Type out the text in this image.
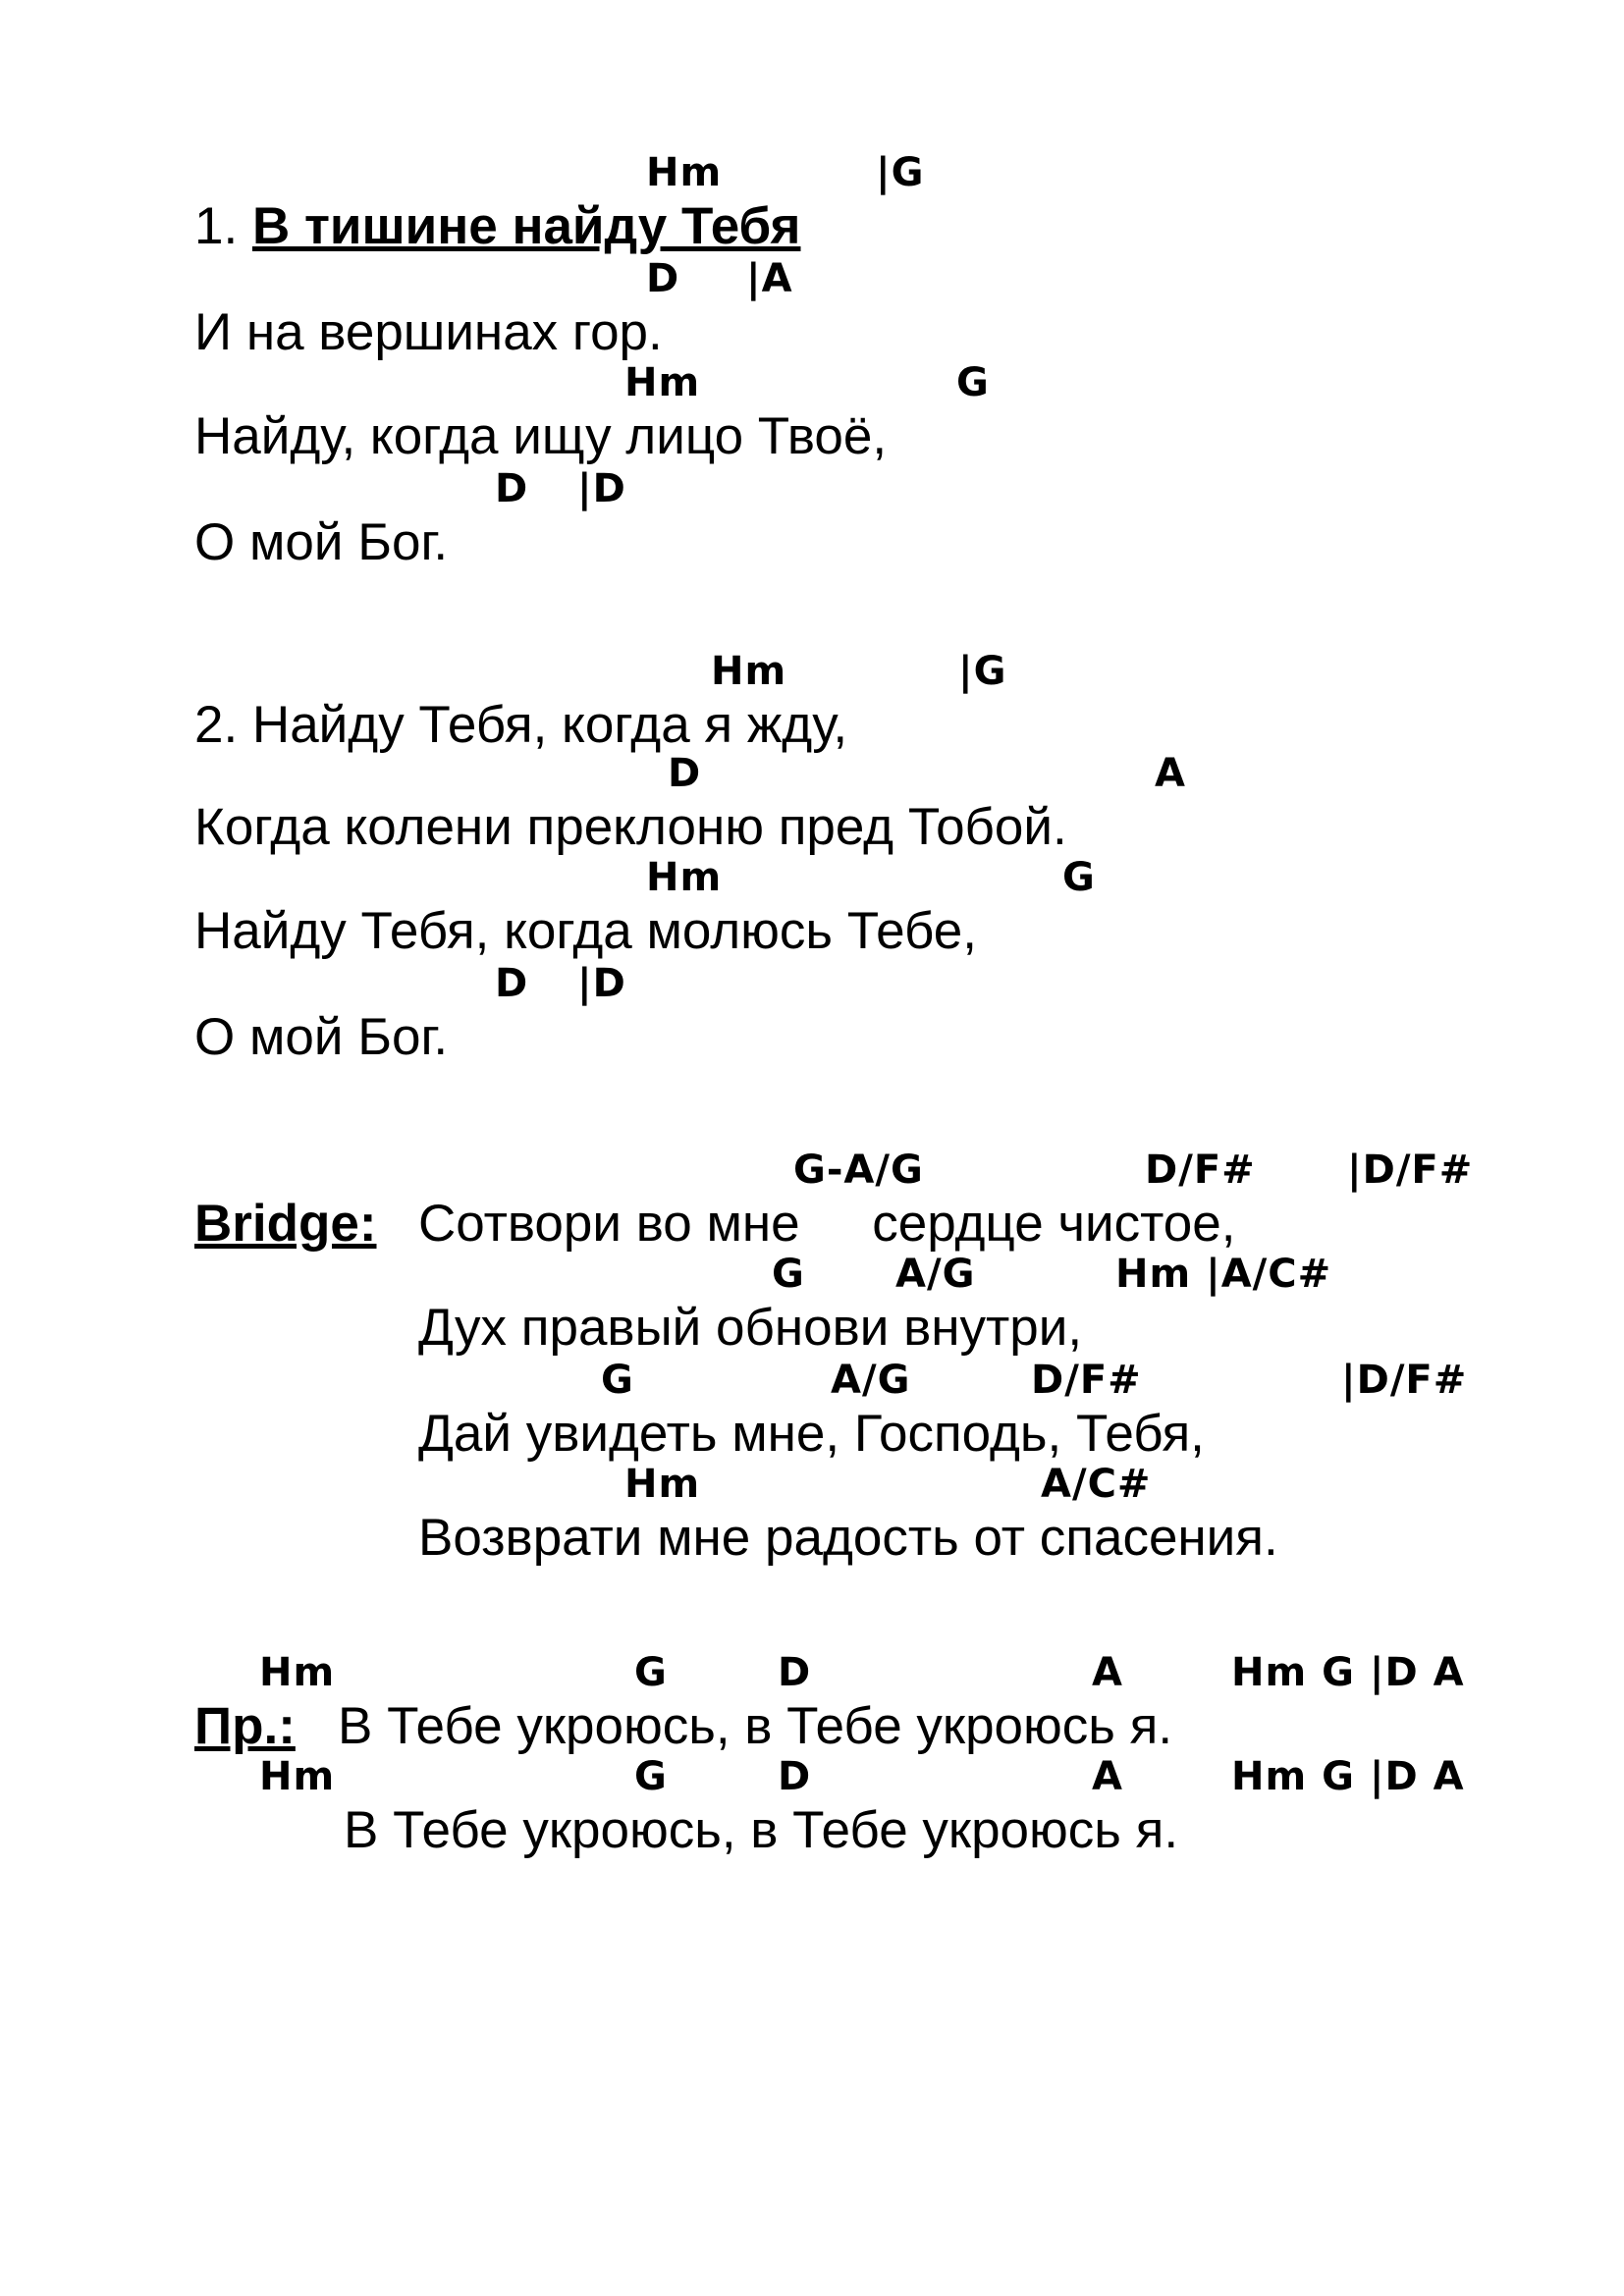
Hm	|G
1. В тишине найду Тебя
D |A
И на вершинах гор.
Hm	G
Найду, когда ищу лицо Твоё,
D |D
О мой Бог.
Hm	|G
2. Найду Тебя, когда я жду,
D	A
Когда колени преклоню пред Тобой.
Hm	G
Найду Тебя, когда молюсь Тебе,
D |D
О мой Бог.
G-A/G	D/F# |D/F#
Bridge: Сотвори во мне     сердце чистое,
G A/G	Hm |A/C#
Дух правый обнови внутри,
G	A/G	D/F#	|D/F#
Дай увидеть мне, Господь, Тебя,
Hm	A/C#
Возврати мне радость от спасения.
Hm	G	D	A	Hm G |D A
Пр.: В Тебе укроюсь, в Тебе укроюсь я.
Hm	G	D	A	Hm G |D A
В Тебе укроюсь, в Тебе укроюсь я.
